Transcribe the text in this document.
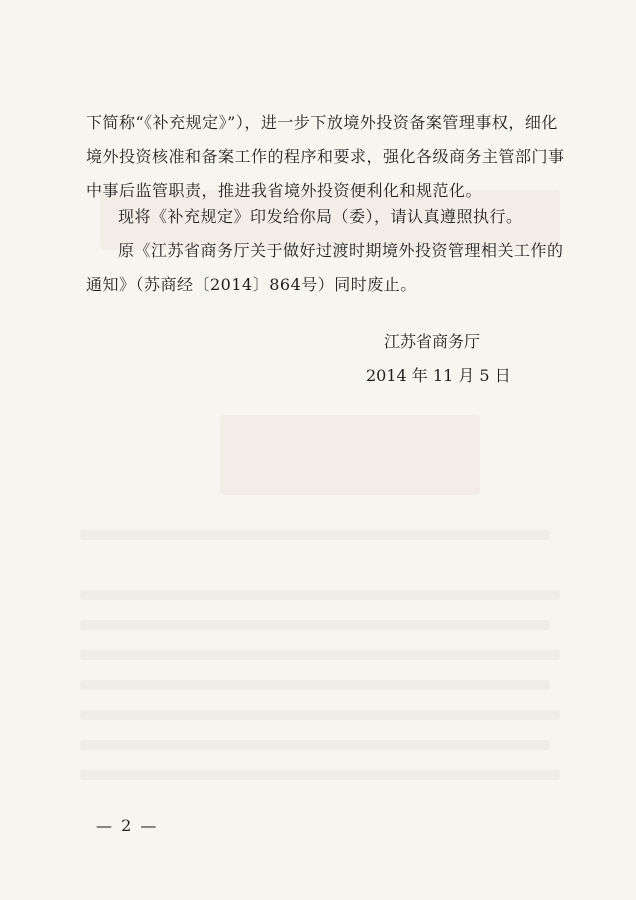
下简称“《补充规定》”），进一步下放境外投资备案管理事权，细化境外投资核准和备案工作的程序和要求，强化各级商务主管部门事中事后监管职责，推进我省境外投资便利化和规范化。

现将《补充规定》印发给你局（委），请认真遵照执行。

原《江苏省商务厅关于做好过渡时期境外投资管理相关工作的通知》（苏商经〔2014〕864号）同时废止。

江苏省商务厅
2014 年 11 月 5 日
— 2 —
